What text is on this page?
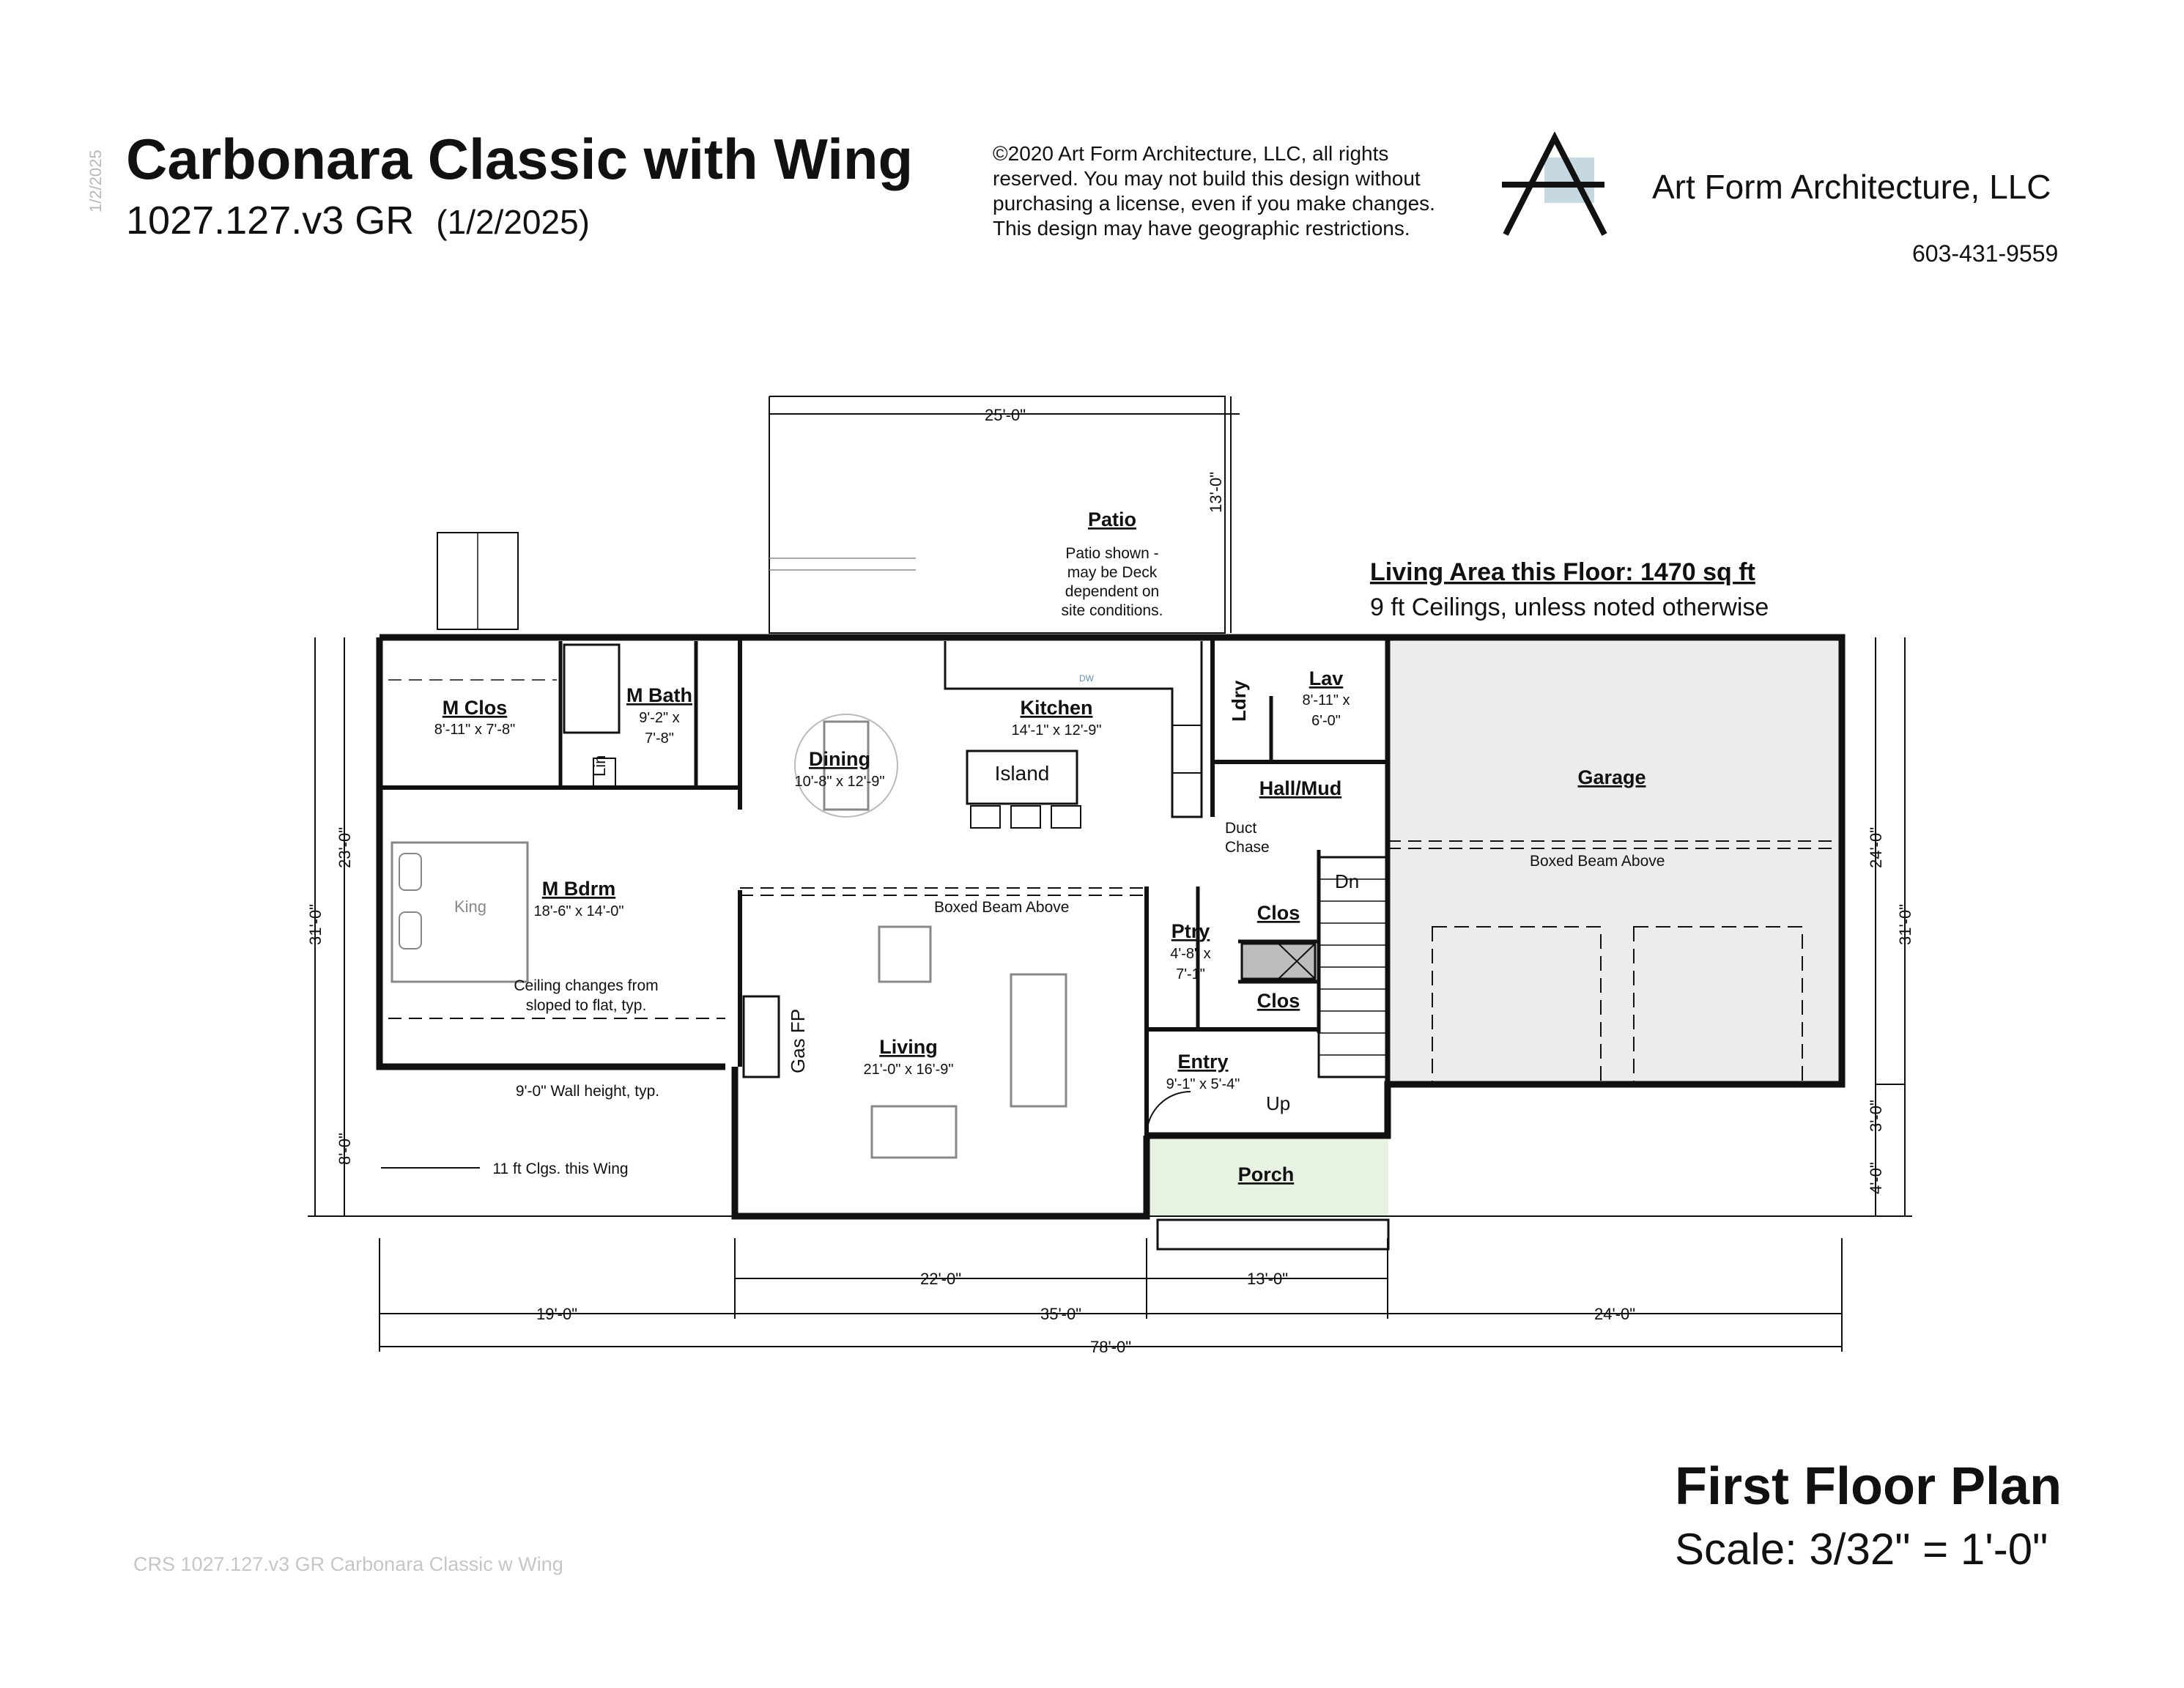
1/2/2025 Carbonara Classic with Wing
1027.127.v3 GR (1/2/2025)
©2020 Art Form Architecture, LLC, all rights
reserved. You may not build this design without
purchasing a license, even if you make changes.
This design may have geographic restrictions.
Art Form Architecture, LLC
603-431-9559
Patio
Patio shown -
may be Deck
dependent on
site conditions.
Living Area this Floor: 1470 sq ft
9 ft Ceilings, unless noted otherwise
M Clos
8'-11" x 7'-8"
M Bath
9'-2" x
7'-8"
Lin	Dining
10'-8" x 12'-9"
Kitchen
14'-1" x 12'-9"
Island
DW
Ldry
Lav
8'-11" x
6'-0"
Hall/Mud	Garage
Duct
Chase
Dn
Up
Boxed Beam Above
Boxed Beam Above
M Bdrm
18'-6" x 14'-0"
King
Ceiling changes from
sloped to flat, typ.
9'-0" Wall height, typ.
11 ft Clgs. this Wing
Clos
Clos
Ptry
4'-8" x
7'-1"
Living
21'-0" x 16'-9"
Gas FP	Entry
9'-1" x 5'-4"
Porch
25'-0"
13'-0"
23'-0"
31'-0"
8'-0"
24'-0"
31'-0"
3'-0"
4'-0"
22'-0"	13'-0"
19'-0"	35'-0"	24'-0"
78'-0"
CRS 1027.127.v3 GR Carbonara Classic w Wing
First Floor Plan
Scale: 3/32" = 1'-0"
